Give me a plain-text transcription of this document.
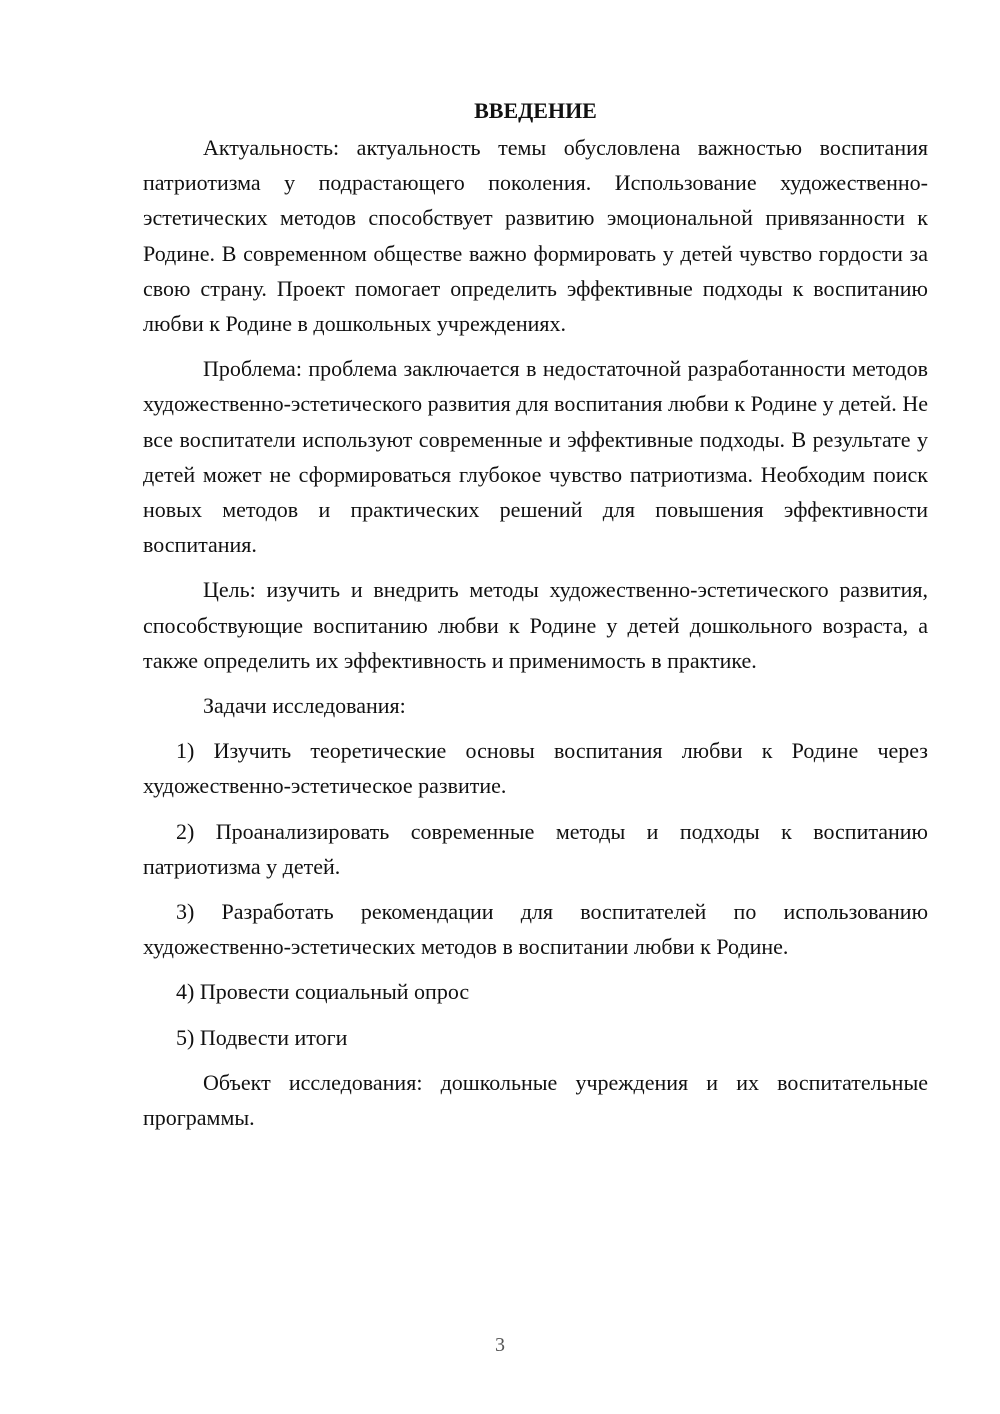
ВВЕДЕНИЕ

Актуальность: актуальность темы обусловлена важностью воспитания патриотизма у подрастающего поколения. Использование художественно-эстетических методов способствует развитию эмоциональной привязанности к Родине. В современном обществе важно формировать у детей чувство гордости за свою страну. Проект помогает определить эффективные подходы к воспитанию любви к Родине в дошкольных учреждениях.

Проблема: проблема заключается в недостаточной разработанности методов художественно-эстетического развития для воспитания любви к Родине у детей. Не все воспитатели используют современные и эффективные подходы. В результате у детей может не сформироваться глубокое чувство патриотизма. Необходим поиск новых методов и практических решений для повышения эффективности воспитания.

Цель: изучить и внедрить методы художественно-эстетического развития, способствующие воспитанию любви к Родине у детей дошкольного возраста, а также определить их эффективность и применимость в практике.

Задачи исследования:

1) Изучить теоретические основы воспитания любви к Родине через художественно-эстетическое развитие.

2) Проанализировать современные методы и подходы к воспитанию патриотизма у детей.

3) Разработать рекомендации для воспитателей по использованию художественно-эстетических методов в воспитании любви к Родине.

4) Провести социальный опрос

5) Подвести итоги

Объект исследования: дошкольные учреждения и их воспитательные программы.

3
